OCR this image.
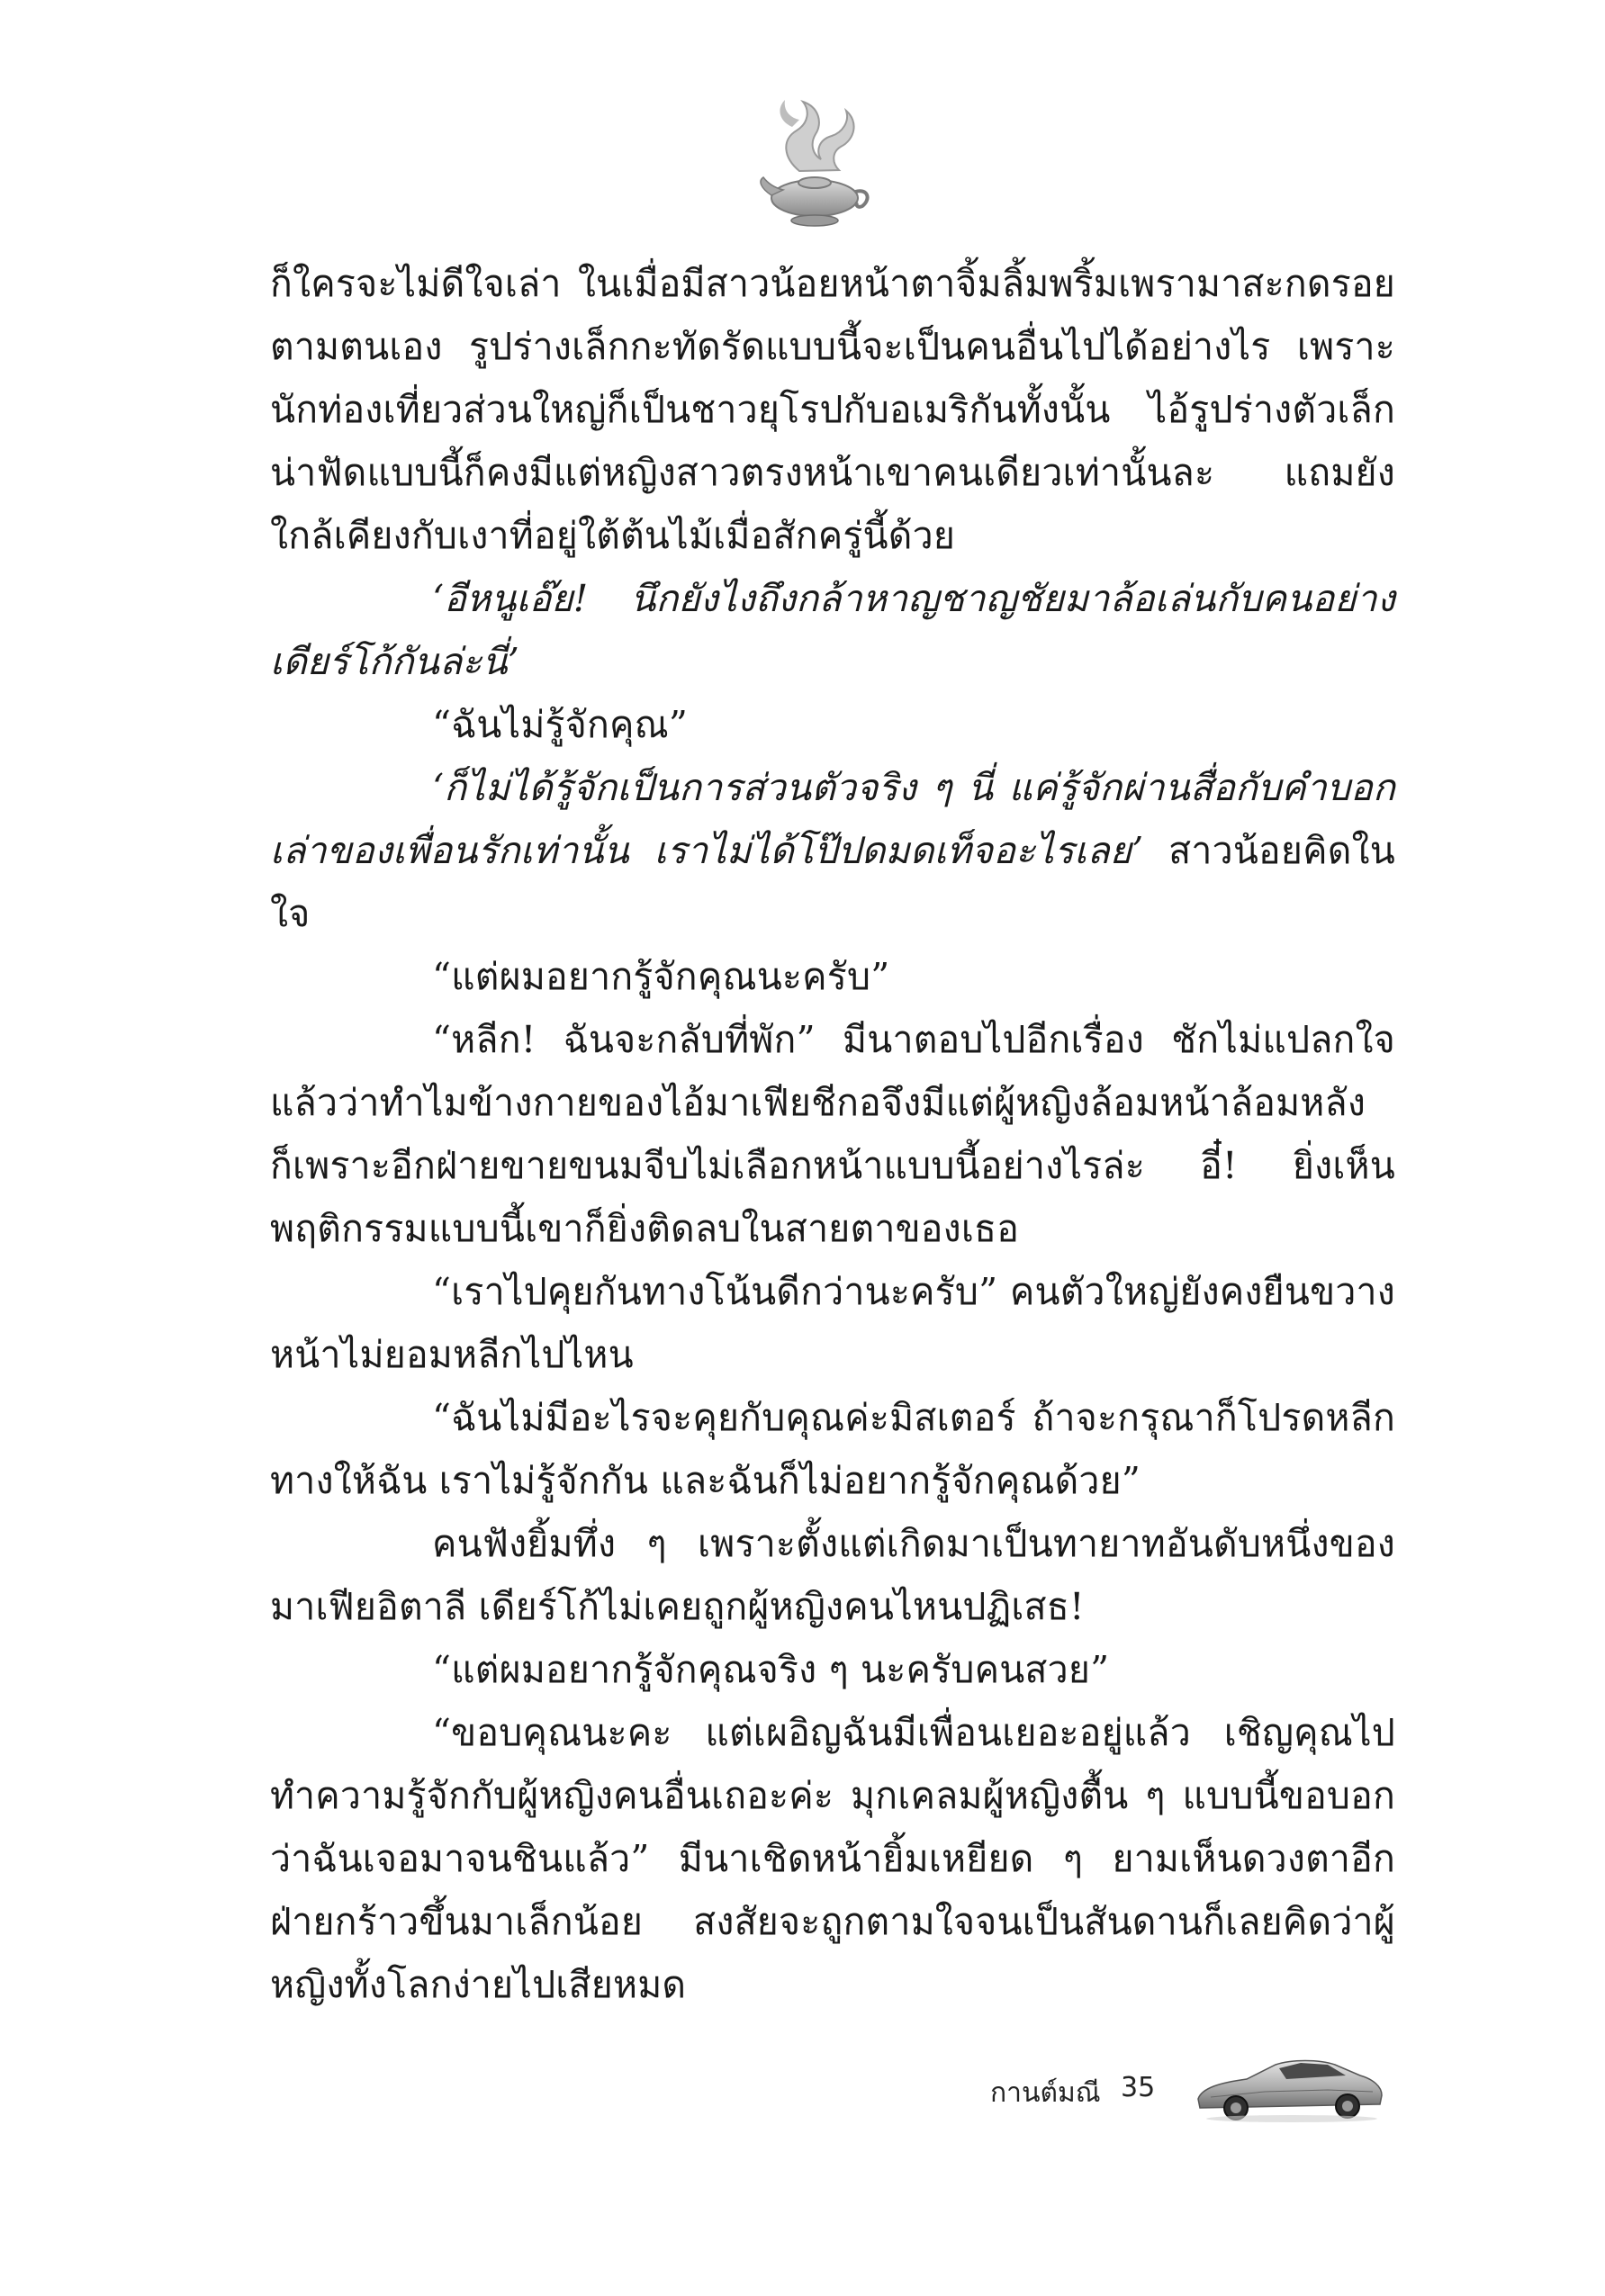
ก็ใครจะไม่ดีใจเล่า ในเมื่อมีสาวน้อยหน้าตาจิ้มลิ้มพริ้มเพรามาสะกดรอยตามตนเอง รูปร่างเล็กกะทัดรัดแบบนี้จะเป็นคนอื่นไปได้อย่างไร เพราะนักท่องเที่ยวส่วนใหญ่ก็เป็นชาวยุโรปกับอเมริกันทั้งนั้น ไอ้รูปร่างตัวเล็กน่าฟัดแบบนี้ก็คงมีแต่หญิงสาวตรงหน้าเขาคนเดียวเท่านั้นละ แถมยังใกล้เคียงกับเงาที่อยู่ใต้ต้นไม้เมื่อสักครู่นี้ด้วย

‘อีหนูเอ๊ย! นึกยังไงถึงกล้าหาญชาญชัยมาล้อเล่นกับคนอย่างเดียร์โก้กันล่ะนี่’

“ฉันไม่รู้จักคุณ”

‘ก็ไม่ได้รู้จักเป็นการส่วนตัวจริง ๆ นี่ แค่รู้จักผ่านสื่อกับคำบอกเล่าของเพื่อนรักเท่านั้น เราไม่ได้โป๊ปดมดเท็จอะไรเลย’ สาวน้อยคิดในใจ

“แต่ผมอยากรู้จักคุณนะครับ”

“หลีก! ฉันจะกลับที่พัก” มีนาตอบไปอีกเรื่อง ชักไม่แปลกใจแล้วว่าทำไมข้างกายของไอ้มาเฟียชีกอจึงมีแต่ผู้หญิงล้อมหน้าล้อมหลัง ก็เพราะอีกฝ่ายขายขนมจีบไม่เลือกหน้าแบบนี้อย่างไรล่ะ อี๋! ยิ่งเห็นพฤติกรรมแบบนี้เขาก็ยิ่งติดลบในสายตาของเธอ

“เราไปคุยกันทางโน้นดีกว่านะครับ” คนตัวใหญ่ยังคงยืนขวางหน้าไม่ยอมหลีกไปไหน

“ฉันไม่มีอะไรจะคุยกับคุณค่ะมิสเตอร์ ถ้าจะกรุณาก็โปรดหลีกทางให้ฉัน เราไม่รู้จักกัน และฉันก็ไม่อยากรู้จักคุณด้วย”

คนฟังยิ้มทึ่ง ๆ เพราะตั้งแต่เกิดมาเป็นทายาทอันดับหนึ่งของมาเฟียอิตาลี เดียร์โก้ไม่เคยถูกผู้หญิงคนไหนปฏิเสธ!

“แต่ผมอยากรู้จักคุณจริง ๆ นะครับคนสวย”

“ขอบคุณนะคะ แต่เผอิญฉันมีเพื่อนเยอะอยู่แล้ว เชิญคุณไปทำความรู้จักกับผู้หญิงคนอื่นเถอะค่ะ มุกเคลมผู้หญิงตื้น ๆ แบบนี้ขอบอกว่าฉันเจอมาจนชินแล้ว” มีนาเชิดหน้ายิ้มเหยียด ๆ ยามเห็นดวงตาอีกฝ่ายกร้าวขึ้นมาเล็กน้อย สงสัยจะถูกตามใจจนเป็นสันดานก็เลยคิดว่าผู้หญิงทั้งโลกง่ายไปเสียหมด

กานต์มณี 35
